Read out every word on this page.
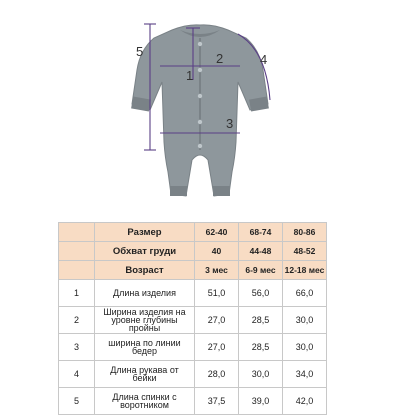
1
2
3
4
5
	Размер	62-40	68-74	80-86
	Обхват груди	40	44-48	48-52
	Возраст	3 мес	6-9 мес	12-18 мес
1	Длина изделия	51,0	56,0	66,0
2	Ширина изделия на уровне глубины пройны	27,0	28,5	30,0
3	ширина по линии бедер	27,0	28,5	30,0
4	Длина рукава от бейки	28,0	30,0	34,0
5	Длина спинки с воротником	37,5	39,0	42,0
